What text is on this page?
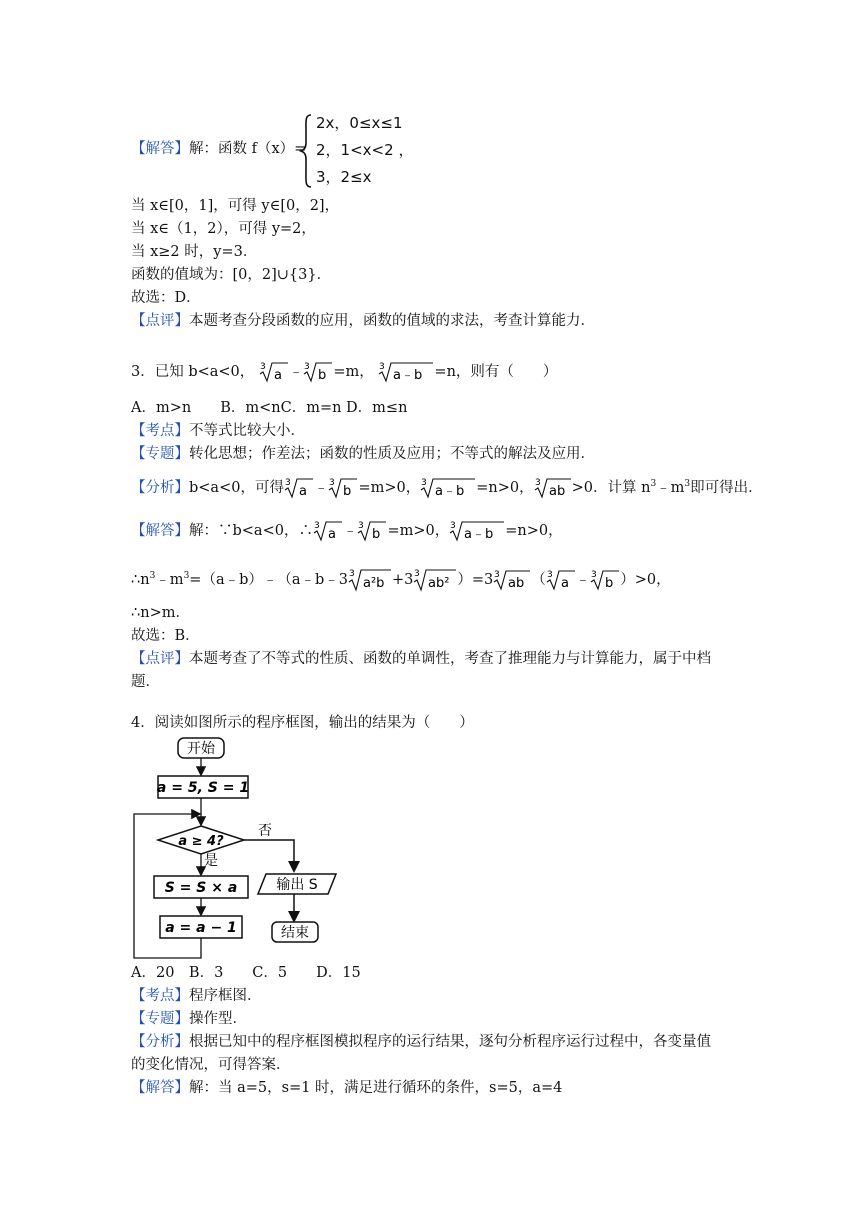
【解答】解：函数 f（x）=
2x，0≤x≤1
2，1<x<2 ，
3，2≤x
当 x∈[0，1]，可得 y∈[0，2]，
当 x∈（1，2），可得 y=2，
当 x≥2 时，y=3．
函数的值域为：[0，2]∪{3}．
故选：D．
【点评】本题考查分段函数的应用，函数的值域的求法，考查计算能力．
3．已知 b<a<0， 3
a ﹣ 3
b =m， 3
a﹣b =n，则有（　　）
A．m>n　　B．m<nC．m=n D．m≤n
【考点】不等式比较大小．
【专题】转化思想；作差法；函数的性质及应用；不等式的解法及应用．
【分析】b<a<0，可得 3
a ﹣ 3
b =m>0， 3
a﹣b =n>0， 3
ab >0．计算 $n^3﹣m^3$即可得出．
【解答】解：∵b<a<0，∴ 3
a ﹣ 3
b =m>0， 3
a﹣b =n>0，
$\therefore n^3﹣m^3=(a﹣b)﹣(a﹣b﹣3$ 3
a²b +3 3
ab² ）=3 3
ab （ 3
a ﹣ 3
b ）>0，
∴n>m．
故选：B．
【点评】本题考查了不等式的性质、函数的单调性，考查了推理能力与计算能力，属于中档
题．
4．阅读如图所示的程序框图，输出的结果为（　　）
开始
a = 5, S = 1
a ≥ 4?
否
是
输出 S
结束
S = S × a
a = a − 1
A．20　B．3　　C．5　　D．15
【考点】程序框图．
【专题】操作型．
【分析】根据已知中的程序框图模拟程序的运行结果，逐句分析程序运行过程中，各变量值
的变化情况，可得答案．
【解答】解：当 a=5，s=1 时，满足进行循环的条件，s=5，a=4
